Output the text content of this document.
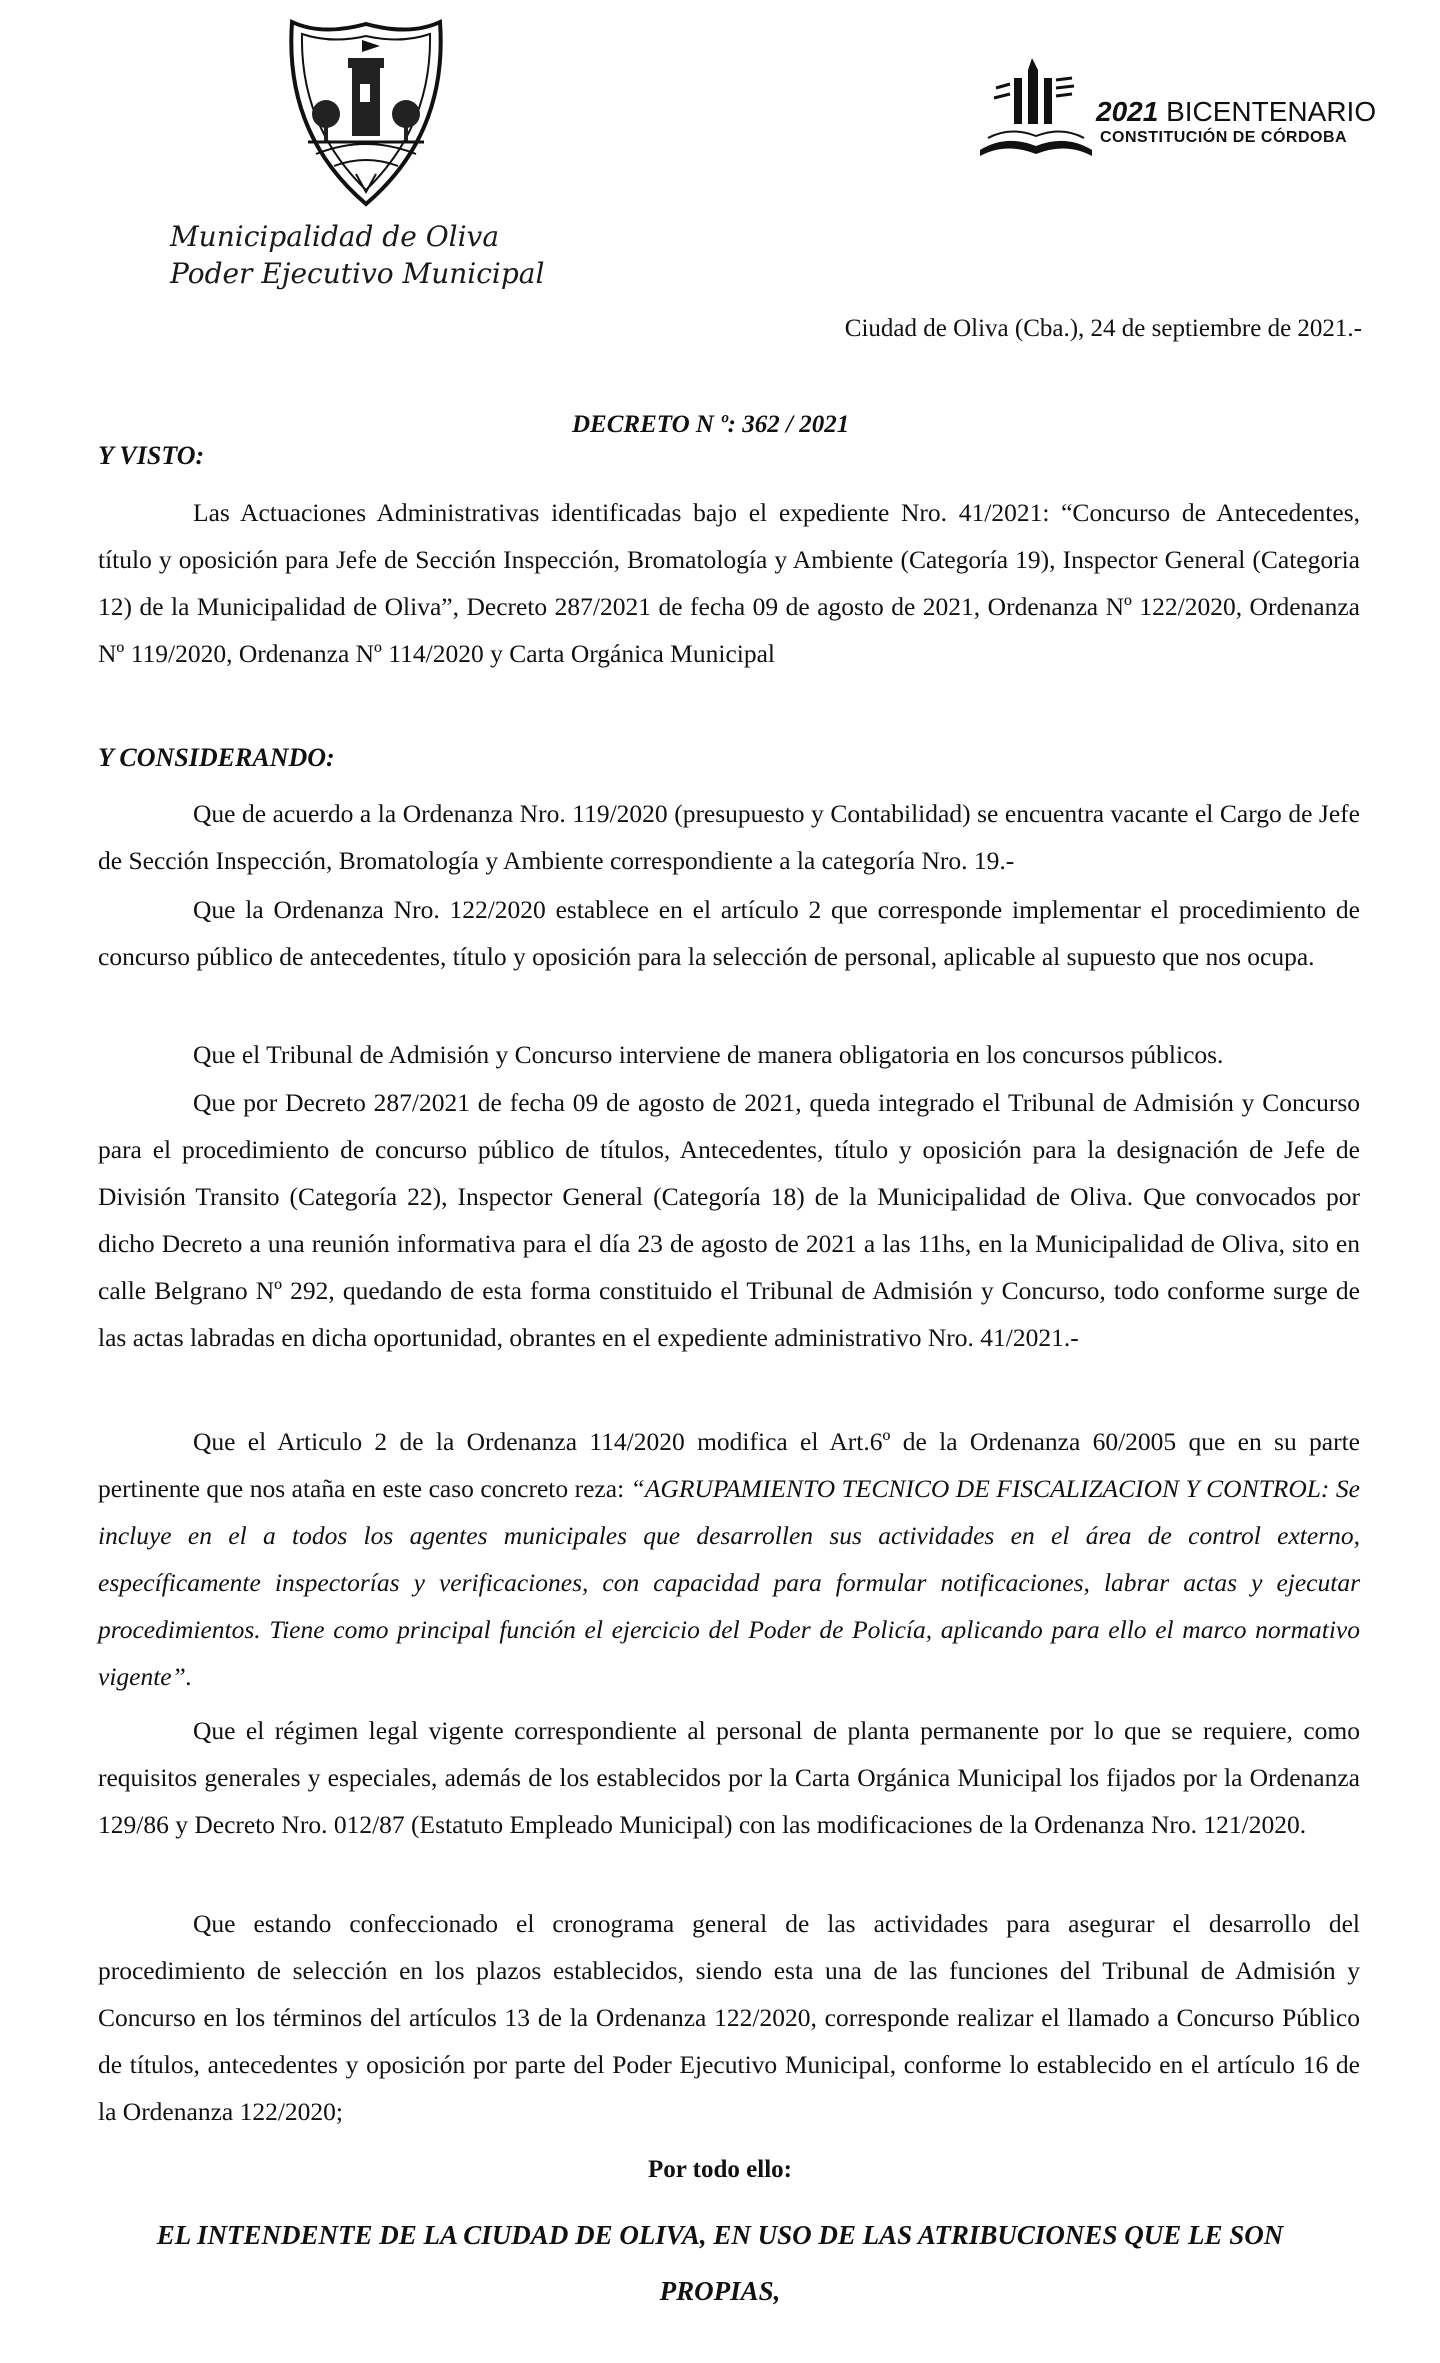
2021 BICENTENARIO
CONSTITUCIÓN DE CÓRDOBA
Municipalidad de Oliva
Poder Ejecutivo Municipal
Ciudad de Oliva (Cba.), 24 de septiembre de 2021.-
DECRETO N º: 362 / 2021
Y VISTO:

Las Actuaciones Administrativas identificadas bajo el expediente Nro. 41/2021: “Concurso de Antecedentes, título y oposición para Jefe de Sección Inspección, Bromatología y Ambiente (Categoría 19), Inspector General (Categoria 12) de la Municipalidad de Oliva”, Decreto 287/2021 de fecha 09 de agosto de 2021, Ordenanza Nº 122/2020, Ordenanza Nº 119/2020, Ordenanza Nº 114/2020 y Carta Orgánica Municipal

Y CONSIDERANDO:

Que de acuerdo a la Ordenanza Nro. 119/2020 (presupuesto y Contabilidad) se encuentra vacante el Cargo de Jefe de Sección Inspección, Bromatología y Ambiente correspondiente a la categoría Nro. 19.-

Que la Ordenanza Nro. 122/2020 establece en el artículo 2 que corresponde implementar el procedimiento de concurso público de antecedentes, título y oposición para la selección de personal, aplicable al supuesto que nos ocupa.

Que el Tribunal de Admisión y Concurso interviene de manera obligatoria en los concursos públicos.

Que por Decreto 287/2021 de fecha 09 de agosto de 2021, queda integrado el Tribunal de Admisión y Concurso para el procedimiento de concurso público de títulos, Antecedentes, título y oposición para la designación de Jefe de División Transito (Categoría 22), Inspector General (Categoría 18) de la Municipalidad de Oliva. Que convocados por dicho Decreto a una reunión informativa para el día 23 de agosto de 2021 a las 11hs, en la Municipalidad de Oliva, sito en calle Belgrano Nº 292, quedando de esta forma constituido el Tribunal de Admisión y Concurso, todo conforme surge de las actas labradas en dicha oportunidad, obrantes en el expediente administrativo Nro. 41/2021.-

Que el Articulo 2 de la Ordenanza 114/2020 modifica el Art.6º de la Ordenanza 60/2005 que en su parte pertinente que nos ataña en este caso concreto reza: “AGRUPAMIENTO TECNICO DE FISCALIZACION Y CONTROL: Se incluye en el a todos los agentes municipales que desarrollen sus actividades en el área de control externo, específicamente inspectorías y verificaciones, con capacidad para formular notificaciones, labrar actas y ejecutar procedimientos. Tiene como principal función el ejercicio del Poder de Policía, aplicando para ello el marco normativo vigente”.

Que el régimen legal vigente correspondiente al personal de planta permanente por lo que se requiere, como requisitos generales y especiales, además de los establecidos por la Carta Orgánica Municipal los fijados por la Ordenanza 129/86 y Decreto Nro. 012/87 (Estatuto Empleado Municipal) con las modificaciones de la Ordenanza Nro. 121/2020.

Que estando confeccionado el cronograma general de las actividades para asegurar el desarrollo del procedimiento de selección en los plazos establecidos, siendo esta una de las funciones del Tribunal de Admisión y Concurso en los términos del artículos 13 de la Ordenanza 122/2020, corresponde realizar el llamado a Concurso Público de títulos, antecedentes y oposición por parte del Poder Ejecutivo Municipal, conforme lo establecido en el artículo 16 de la Ordenanza 122/2020;

Por todo ello:

EL INTENDENTE DE LA CIUDAD DE OLIVA, EN USO DE LAS ATRIBUCIONES QUE LE SON PROPIAS,
